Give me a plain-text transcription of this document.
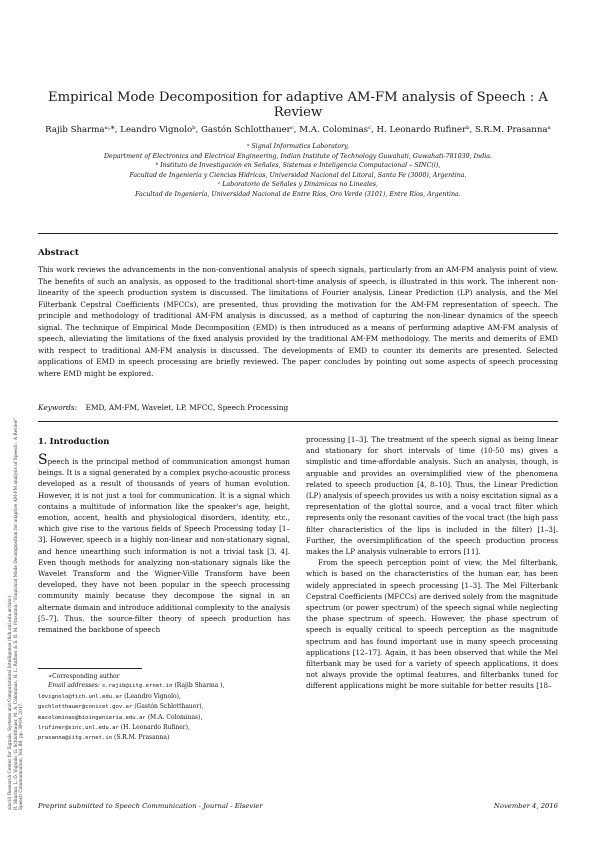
sinc(i) Research Center for Signals, Systems and Computational Intelligence (fich.unl.edu.ar/sinc) R. Sharma, L. D. Vignolo, G. Schlotthauer, M. A. Colominas, H. L. Rufiner & S. R. M. Prasanna; "Empirical Mode Decomposition for adaptive AM-FM analysis of Speech : A Review" Speech Communication, Vol. 88, pp. 39-64, 2017.
Empirical Mode Decomposition for adaptive AM-FM analysis of Speech : A Review
Rajib Sharmaᵃ˒*, Leandro Vignoloᵇ, Gastón Schlotthauerᶜ, M.A. Colominasᶜ, H. Leonardo Rufinerᵇ, S.R.M. Prasannaᵃ
ᵃ Signal Informatics Laboratory,
Department of Electronics and Electrical Engineering, Indian Institute of Technology Guwahati, Guwahati-781039, India.
ᵇ Instituto de Investigación en Señales, Sistemas e Inteligencia Computacional – SINC(i),
Facultad de Ingeniería y Ciencias Hídricas, Universidad Nacional del Litoral, Santa Fe (3000), Argentina.
ᶜ Laboratorio de Señales y Dinámicas no Lineales,
Facultad de Ingeniería, Universidad Nacional de Entre Ríos, Oro Verde (3101), Entre Ríos, Argentina.
Abstract
This work reviews the advancements in the non-conventional analysis of speech signals, particularly from an AM-FM analysis point of view. The benefits of such an analysis, as opposed to the traditional short-time analysis of speech, is illustrated in this work. The inherent non-linearity of the speech production system is discussed. The limitations of Fourier analysis, Linear Prediction (LP) analysis, and the Mel Filterbank Cepstral Coefficients (MFCCs), are presented, thus providing the motivation for the AM-FM representation of speech. The principle and methodology of traditional AM-FM analysis is discussed, as a method of capturing the non-linear dynamics of the speech signal. The technique of Empirical Mode Decomposition (EMD) is then introduced as a means of performing adaptive AM-FM analysis of speech, alleviating the limitations of the fixed analysis provided by the traditional AM-FM methodology. The merits and demerits of EMD with respect to traditional AM-FM analysis is discussed. The developments of EMD to counter its demerits are presented. Selected applications of EMD in speech processing are briefly reviewed. The paper concludes by pointing out some aspects of speech processing where EMD might be explored.
Keywords: EMD, AM-FM, Wavelet, LP, MFCC, Speech Processing
1. Introduction

Speech is the principal method of communication amongst human beings. It is a signal generated by a complex psycho-acoustic process developed as a result of thousands of years of human evolution. However, it is not just a tool for communication. It is a signal which contains a multitude of information like the speaker's age, height, emotion, accent, health and physiological disorders, identity, etc., which give rise to the various fields of Speech Processing today [1–3]. However, speech is a highly non-linear and non-stationary signal, and hence unearthing such information is not a trivial task [3, 4]. Even though methods for analyzing non-stationary signals like the Wavelet Transform and the Wigner-Ville Transform have been developed, they have not been popular in the speech processing community mainly because they decompose the signal in an alternate domain and introduce additional complexity to the analysis [5–7]. Thus, the source-filter theory of speech production has remained the backbone of speech

processing [1–3]. The treatment of the speech signal as being linear and stationary for short intervals of time (10-50 ms) gives a simplistic and time-affordable analysis. Such an analysis, though, is arguable and provides an oversimplified view of the phenomena related to speech production [4, 8–10]. Thus, the Linear Prediction (LP) analysis of speech provides us with a noisy excitation signal as a representation of the glottal source, and a vocal tract filter which represents only the resonant cavities of the vocal tract (the high pass filter characteristics of the lips is included in the filter) [1–3]. Further, the oversimplification of the speech production process makes the LP analysis vulnerable to errors [11].

From the speech perception point of view, the Mel filterbank, which is based on the characteristics of the human ear, has been widely appreciated in speech processing [1–3]. The Mel Filterbank Cepstral Coefficients (MFCCs) are derived solely from the magnitude spectrum (or power spectrum) of the speech signal while neglecting the phase spectrum of speech. However, the phase spectrum of speech is equally critical to speech perception as the magnitude spectrum and has found important use in many speech processing applications [12–17]. Again, it has been observed that while the Mel filterbank may be used for a variety of speech applications, it does not always provide the optimal features, and filterbanks tuned for different applications might be more suitable for better results [18–

∗Corresponding author
Email addresses: s.rajib@iitg.ernet.in (Rajib Sharma ),
ldvignolo@fich.unl.edu.ar (Leandro Vignolo),
gschlotthauer@conicet.gov.ar (Gastón Schlotthauer),
macolominas@bioingenieria.edu.ar (M.A. Colominas),
lrufiner@sinc.unl.edu.ar (H. Leonardo Rufiner),
prasanna@iitg.ernet.in (S.R.M. Prasanna)
Preprint submitted to Speech Communication - Journal - Elsevier	November 4, 2016
